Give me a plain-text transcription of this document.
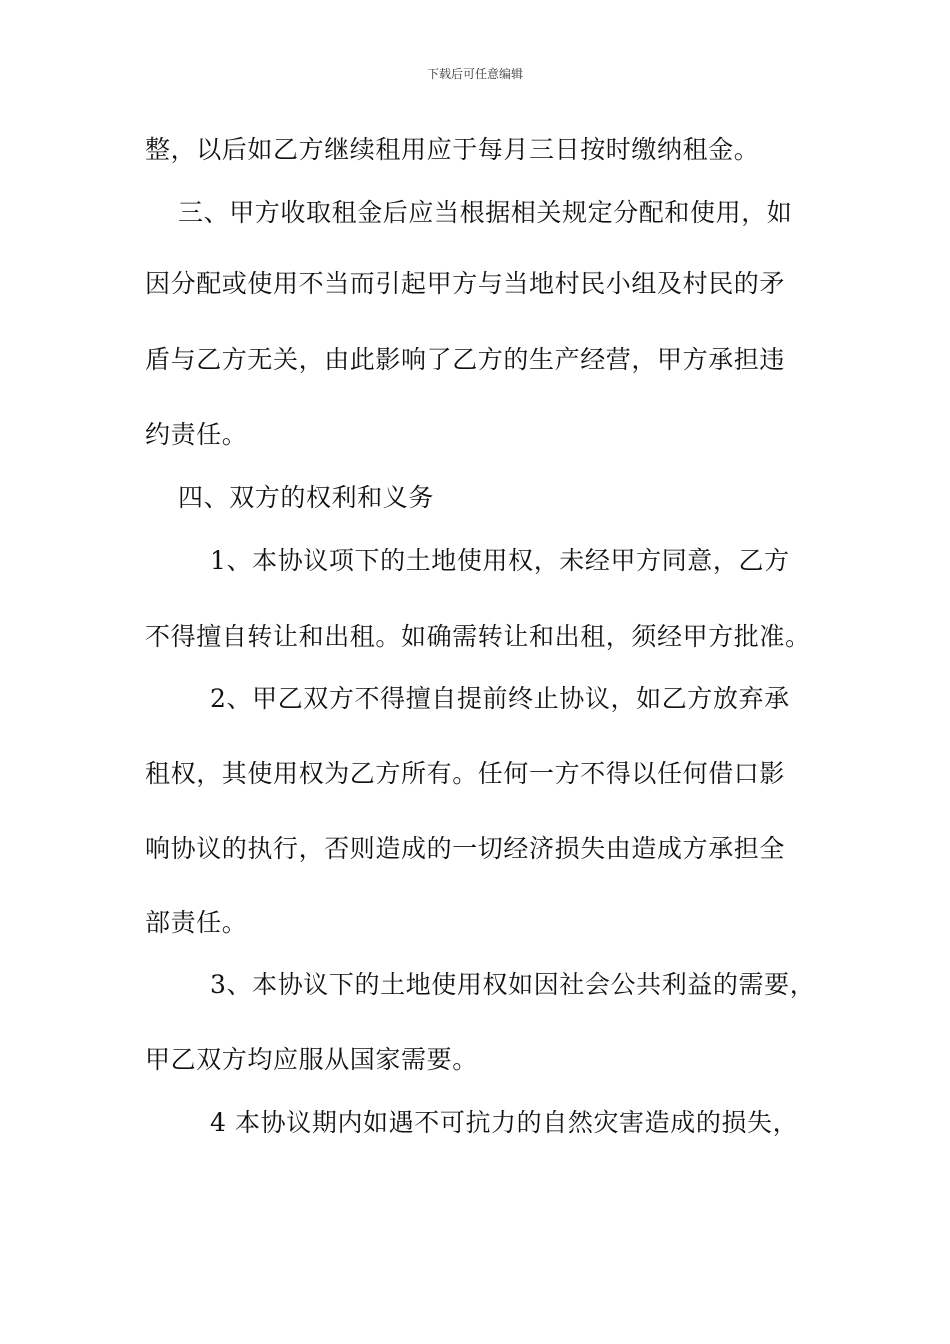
下载后可任意编辑
整，以后如乙方继续租用应于每月三日按时缴纳租金。
三、甲方收取租金后应当根据相关规定分配和使用，如
因分配或使用不当而引起甲方与当地村民小组及村民的矛
盾与乙方无关，由此影响了乙方的生产经营，甲方承担违
约责任。
四、双方的权利和义务
1、本协议项下的土地使用权，未经甲方同意，乙方
不得擅自转让和出租。如确需转让和出租，须经甲方批准。
2、甲乙双方不得擅自提前终止协议，如乙方放弃承
租权，其使用权为乙方所有。任何一方不得以任何借口影
响协议的执行，否则造成的一切经济损失由造成方承担全
部责任。
3、本协议下的土地使用权如因社会公共利益的需要，
甲乙双方均应服从国家需要。
4 本协议期内如遇不可抗力的自然灾害造成的损失，
